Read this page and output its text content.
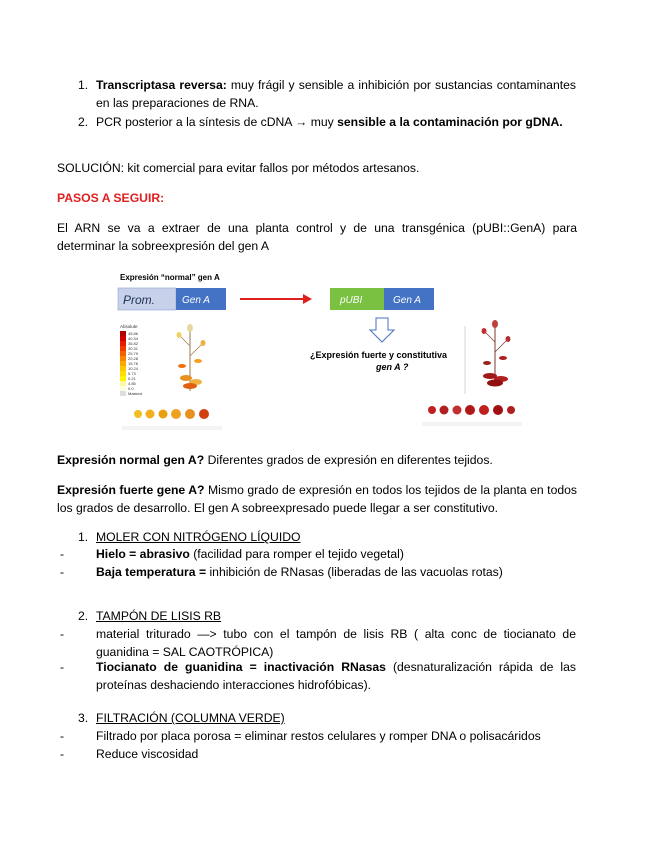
1. Transcriptasa reversa: muy frágil y sensible a inhibición por sustancias contaminantes en las preparaciones de RNA.
2. PCR posterior a la síntesis de cDNA → muy sensible a la contaminación por gDNA.
SOLUCIÓN: kit comercial para evitar fallos por métodos artesanos.
PASOS A SEGUIR:
El ARN se va a extraer de una planta control y de una transgénica (pUBI::GenA) para determinar la sobreexpresión del gen A
Expresión “normal” gen A
Prom.	Gen A	pUBI	Gen A
¿Expresión fuerte y constitutiva
gen A ?
Absolute
45.86
40.34
35.82
30.31
25.79
20.28
15.76
10.24
5.73
0.21
4.85
0.0
Masked
Expresión normal gen A? Diferentes grados de expresión en diferentes tejidos.
Expresión fuerte gene A? Mismo grado de expresión en todos los tejidos de la planta en todos los grados de desarrollo. El gen A sobreexpresado puede llegar a ser constitutivo.
1. MOLER CON NITRÓGENO LÍQUIDO
-	Hielo = abrasivo (facilidad para romper el tejido vegetal)
-	Baja temperatura = inhibición de RNasas (liberadas de las vacuolas rotas)
2. TAMPÓN DE LISIS RB
-	material triturado —> tubo con el tampón de lisis RB ( alta conc de tiocianato de guanidina = SAL CAOTRÓPICA)
-	Tiocianato de guanidina = inactivación RNasas (desnaturalización rápida de las proteínas deshaciendo interacciones hidrofóbicas).
3. FILTRACIÓN (COLUMNA VERDE)
-	Filtrado por placa porosa = eliminar restos celulares y romper DNA o polisacáridos
-	Reduce viscosidad
